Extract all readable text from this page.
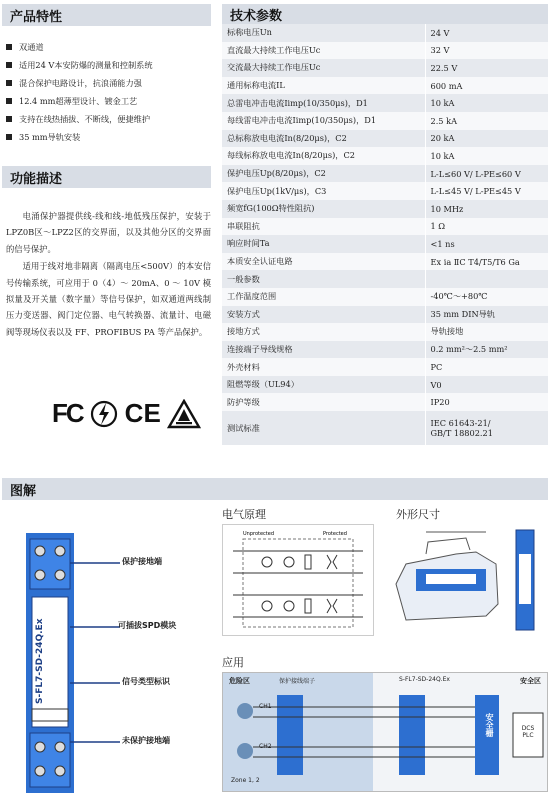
产品特性
双通道
适用24 V本安防爆的测量和控制系统
混合保护电路设计，抗浪涌能力强
12.4 mm超薄型设计、镀金工艺
支持在线热插拔、不断线，便捷维护
35 mm导轨安装
功能描述

电涌保护器提供线-线和线-地低残压保护，安装于LPZ0B区～LPZ2区的交界面，以及其他分区的交界面的信号保护。

适用于线对地非隔离（隔离电压<500V）的本安信号传输系统，可应用于 0（4）～ 20mA、0 ～ 10V 模拟量及开关量（数字量）等信号保护，如双通道两线制压力变送器、阀门定位器、电气转换器、流量计、电磁阀等现场仪表以及 FF、PROFIBUS PA 等产品保护。

FC CE
技术参数
标称电压Un	24 V
直流最大持续工作电压Uc	32 V
交流最大持续工作电压Uc	22.5 V
通用标称电流IL	600 mA
总雷电冲击电流Iimp(10/350μs)，D1	10 kA
每线雷电冲击电流Iimp(10/350μs)，D1	2.5 kA
总标称放电电流In(8/20μs)，C2	20 kA
每线标称放电电流In(8/20μs)，C2	10 kA
保护电压Up(8/20μs)，C2	L-L≤60 V/ L-PE≤60 V
保护电压Up(1kV/μs)，C3	L-L≤45 V/ L-PE≤45 V
频宽fG(100Ω特性阻抗)	10 MHz
串联阻抗	1 Ω
响应时间Ta	<1 ns
本质安全认证电路	Ex ia ⅡC T4/T5/T6 Ga
一般参数	
工作温度范围	-40℃～+80℃
安装方式	35 mm DIN导轨
接地方式	导轨接地
连接端子导线规格	0.2 mm²～2.5 mm²
外壳材料	PC
阻燃等级（UL94）	V0
防护等级	IP20
测试标准	IEC 61643-21/
GB/T 18802.21
图解
S-FL7-SD-24Q.Ex
保护接地端
可插拔SPD模块
信号类型标识
未保护接地端
电气原理
Unprotected	Protected
外形尺寸
应用
危险区	安全区
保护接线端子	S-FL7-SD-24Q.Ex
安全栅	DCS
PLC
CH1
CH2
Zone 1, 2
